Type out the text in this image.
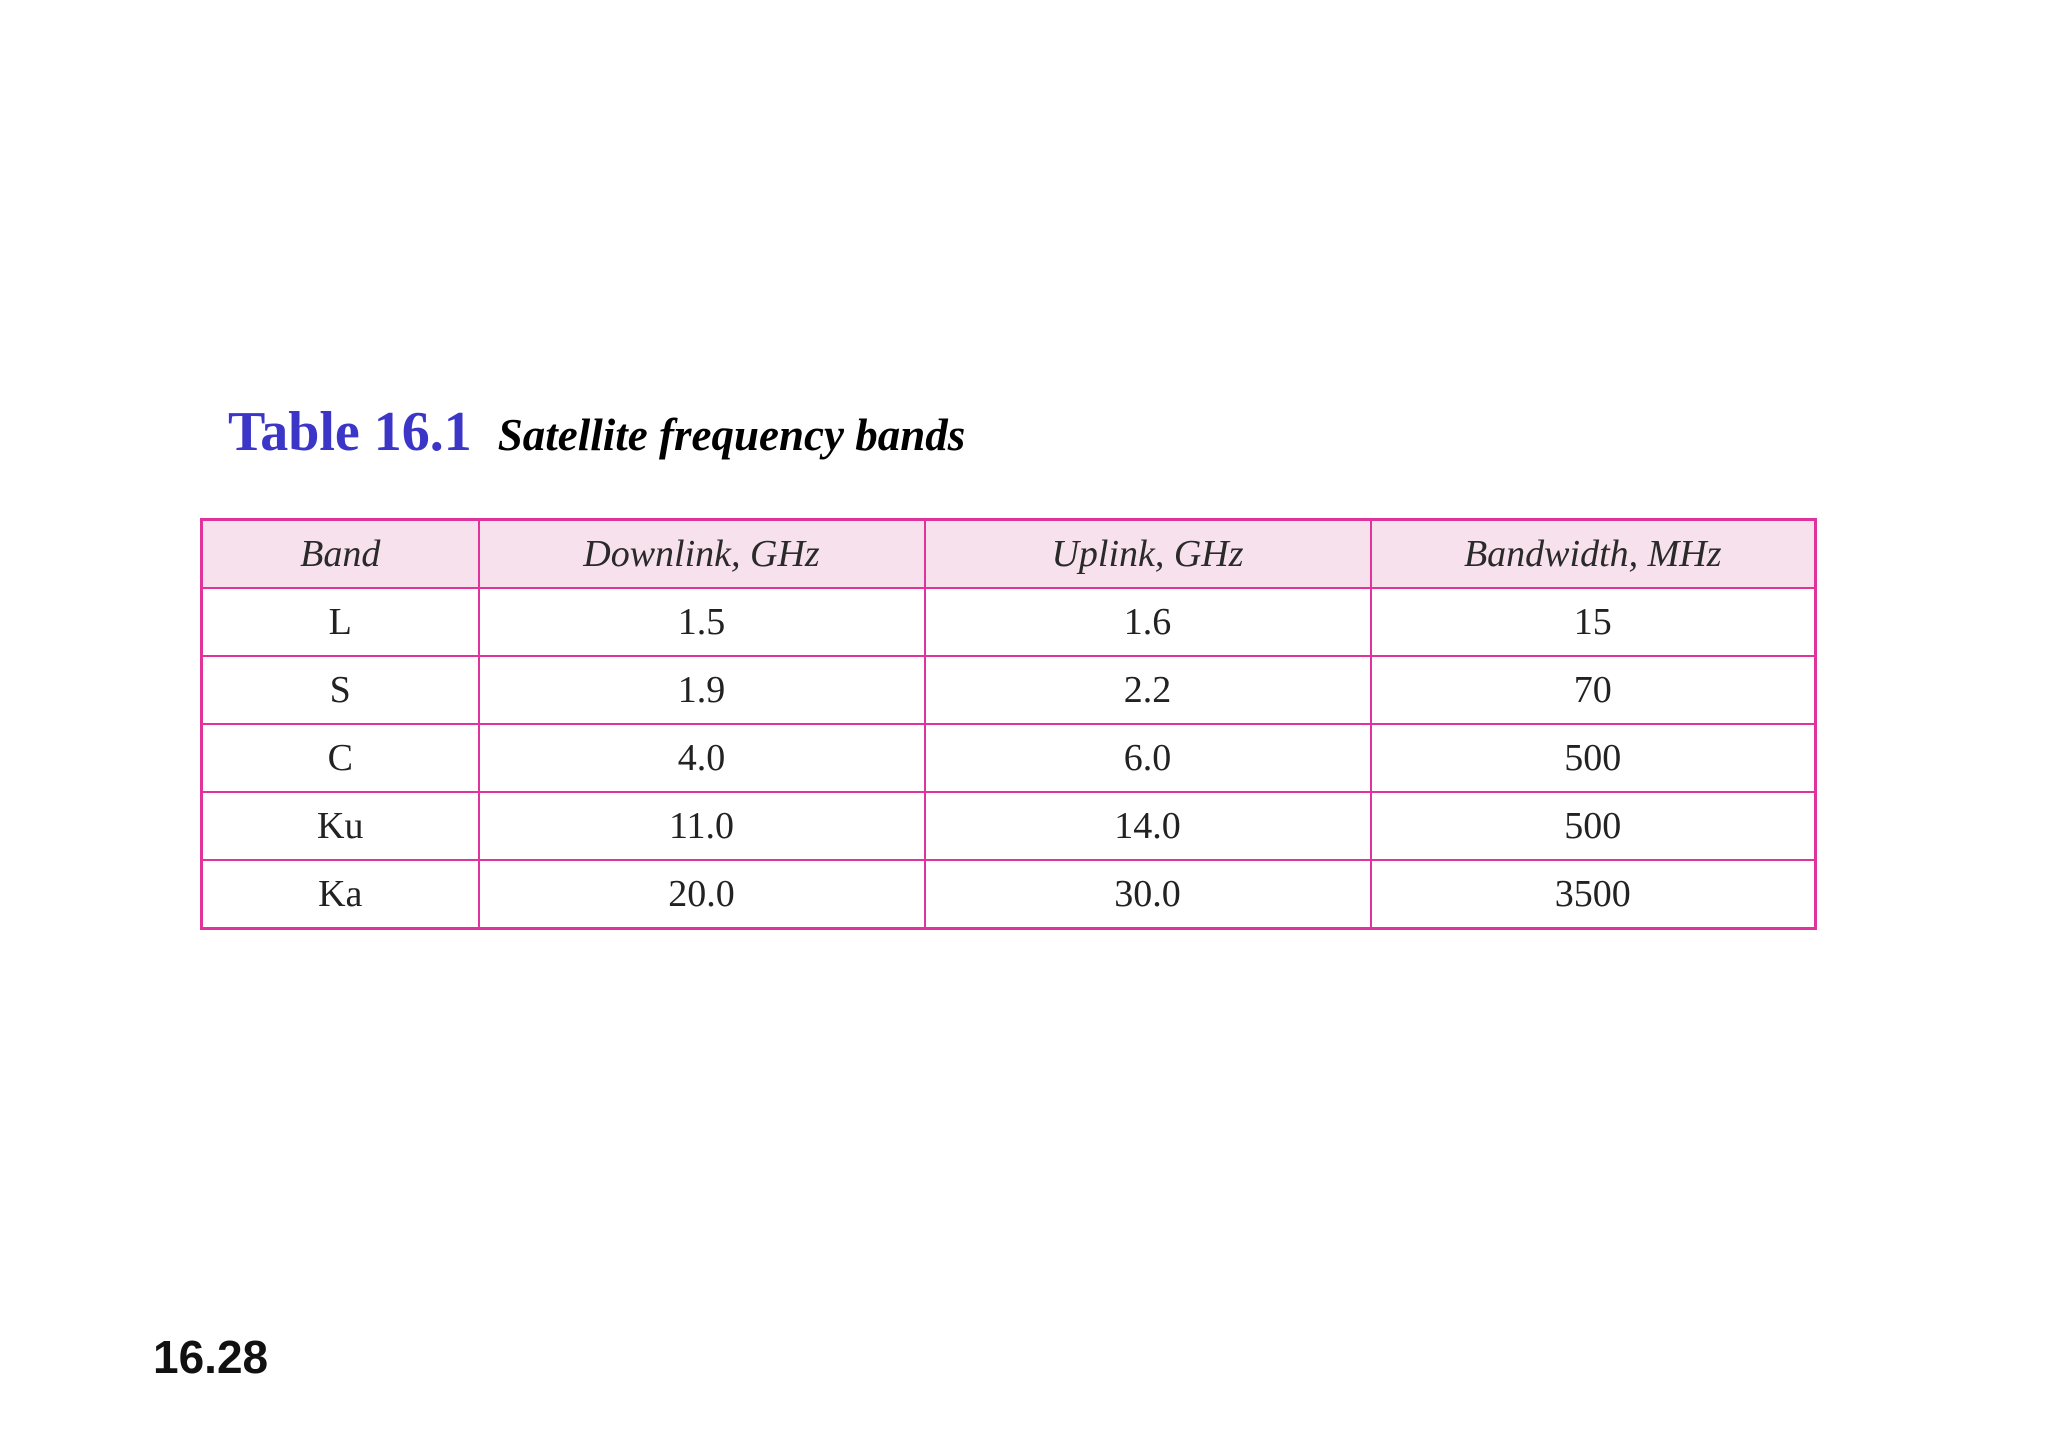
Table 16.1 Satellite frequency bands
Band	Downlink, GHz	Uplink, GHz	Bandwidth, MHz
L	1.5	1.6	15
S	1.9	2.2	70
C	4.0	6.0	500
Ku	11.0	14.0	500
Ka	20.0	30.0	3500
16.28
